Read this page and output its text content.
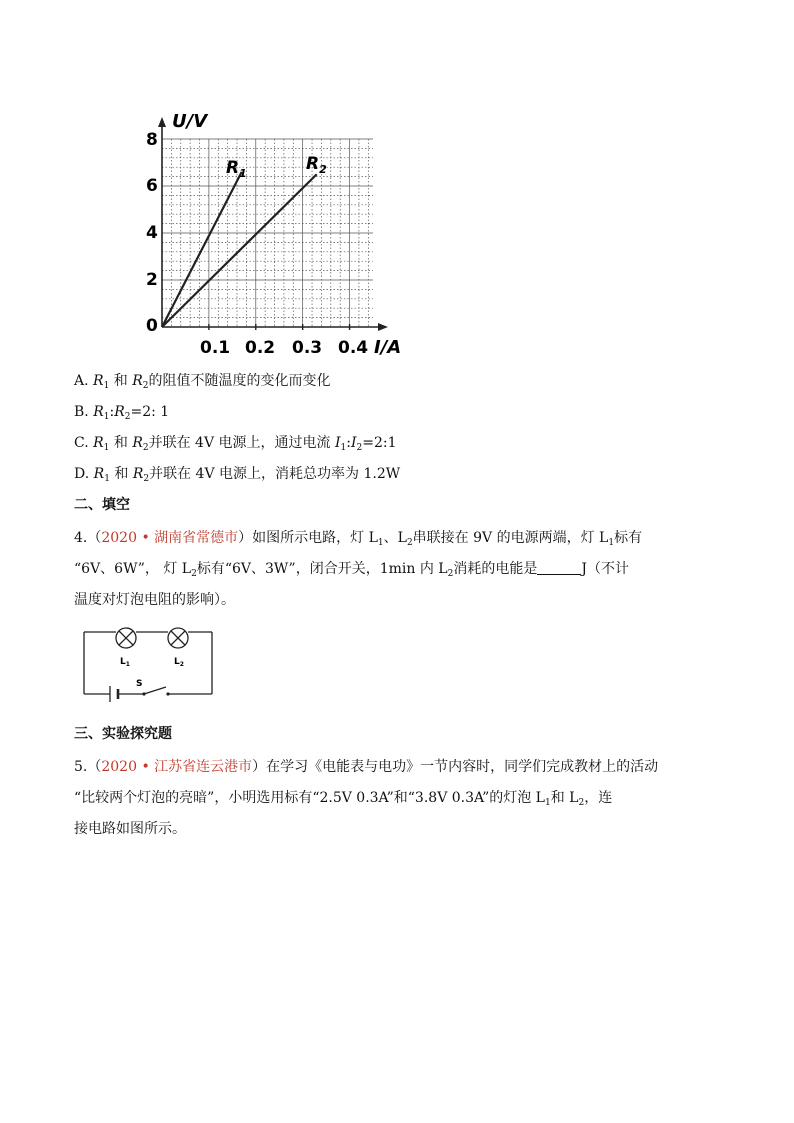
U/V
I/A
0
2
4
6
8
0.1 0.2 0.3 0.4
$R_1$	$R_2$
A. $R_1$ 和 $R_2$的阻值不随温度的变化而变化
B. $R_1:R_2=2$: 1
C. $R_1$ 和 $R_2$并联在 4V 电源上，通过电流 $I_1:I_2=2:1$
D. $R_1$ 和 $R_2$并联在 4V 电源上，消耗总功率为 1.2W
二、填空
4.（2020 • 湖南省常德市）如图所示电路，灯 $L_1$、$L_2$串联接在 9V 的电源两端，灯 $L_1$标有
“6V、6W”， 灯 $L_2$标有“6V、3W”，闭合开关，1min 内 $L_2$消耗的电能是	J（不计
温度对灯泡电阻的影响）。
$L_1$	$L_2$
S
三、实验探究题
5.（2020 • 江苏省连云港市）在学习《电能表与电功》一节内容时，同学们完成教材上的活动
“比较两个灯泡的亮暗”，小明选用标有“2.5V 0.3A”和“3.8V 0.3A”的灯泡 $L_1$和 $L_2$，连
接电路如图所示。
